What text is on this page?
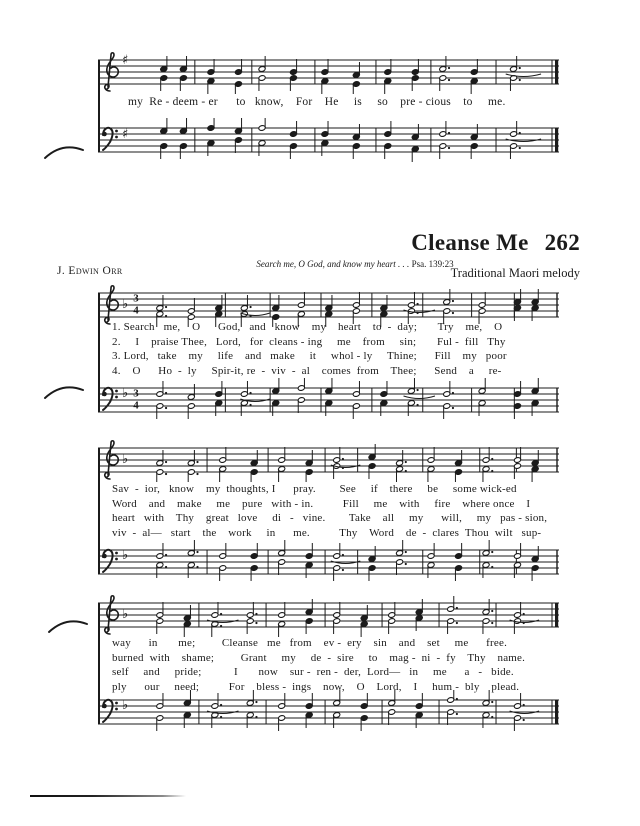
♯
my  Re - deem - er      to   know,    For    He     is     so    pre - cious    to     me.
♯
Cleanse Me 262
Search me, O God, and know my heart . . . Psa. 139:23
J. Edwin Orr	Traditional Maori melody
♭ 3
4
1. Search   me,    O      God,   and   know    my    heart    to  -  day;       Try    me,    O
2.     I    praise Thee,   Lord,   for  cleans - ing     me    from     sin;       Ful -  fill   Thy
3. Lord,   take    my     life    and   make     it     whol - ly     Thine;      Fill    my   poor
4.    O      Ho  -  ly     Spir-it, re  -  viv  -  al    comes  from    Thee;      Send    a     re-
♭ 3
4
♭
Sav  -  ior,   know    my  thoughts, I      pray.        See     if    there     be     some wick-ed
Word    and    make     me    pure   with - in.          Fill     me    with     fire    where once    I
heart   with    Thy    great   love     di   -   vine.        Take    all     my      will,     my   pas - sion,
viv  -  al—   start    the    work     in      me.          Thy    Word    de  -  clares  Thou  wilt   sup-
♭
♭
way      in       me;         Cleanse   me   from    ev -  ery    sin    and    set     me      free.
burned  with    shame;         Grant     my     de  -  sire     to    mag -  ni  -  fy    Thy    name.
self     and     pride;           I       now    sur -  ren -  der,  Lord—   in     me      a   -   bide.
ply      our     need;          For    bless -  ings    now,    O    Lord,    I     hum -  bly    plead.
♭
